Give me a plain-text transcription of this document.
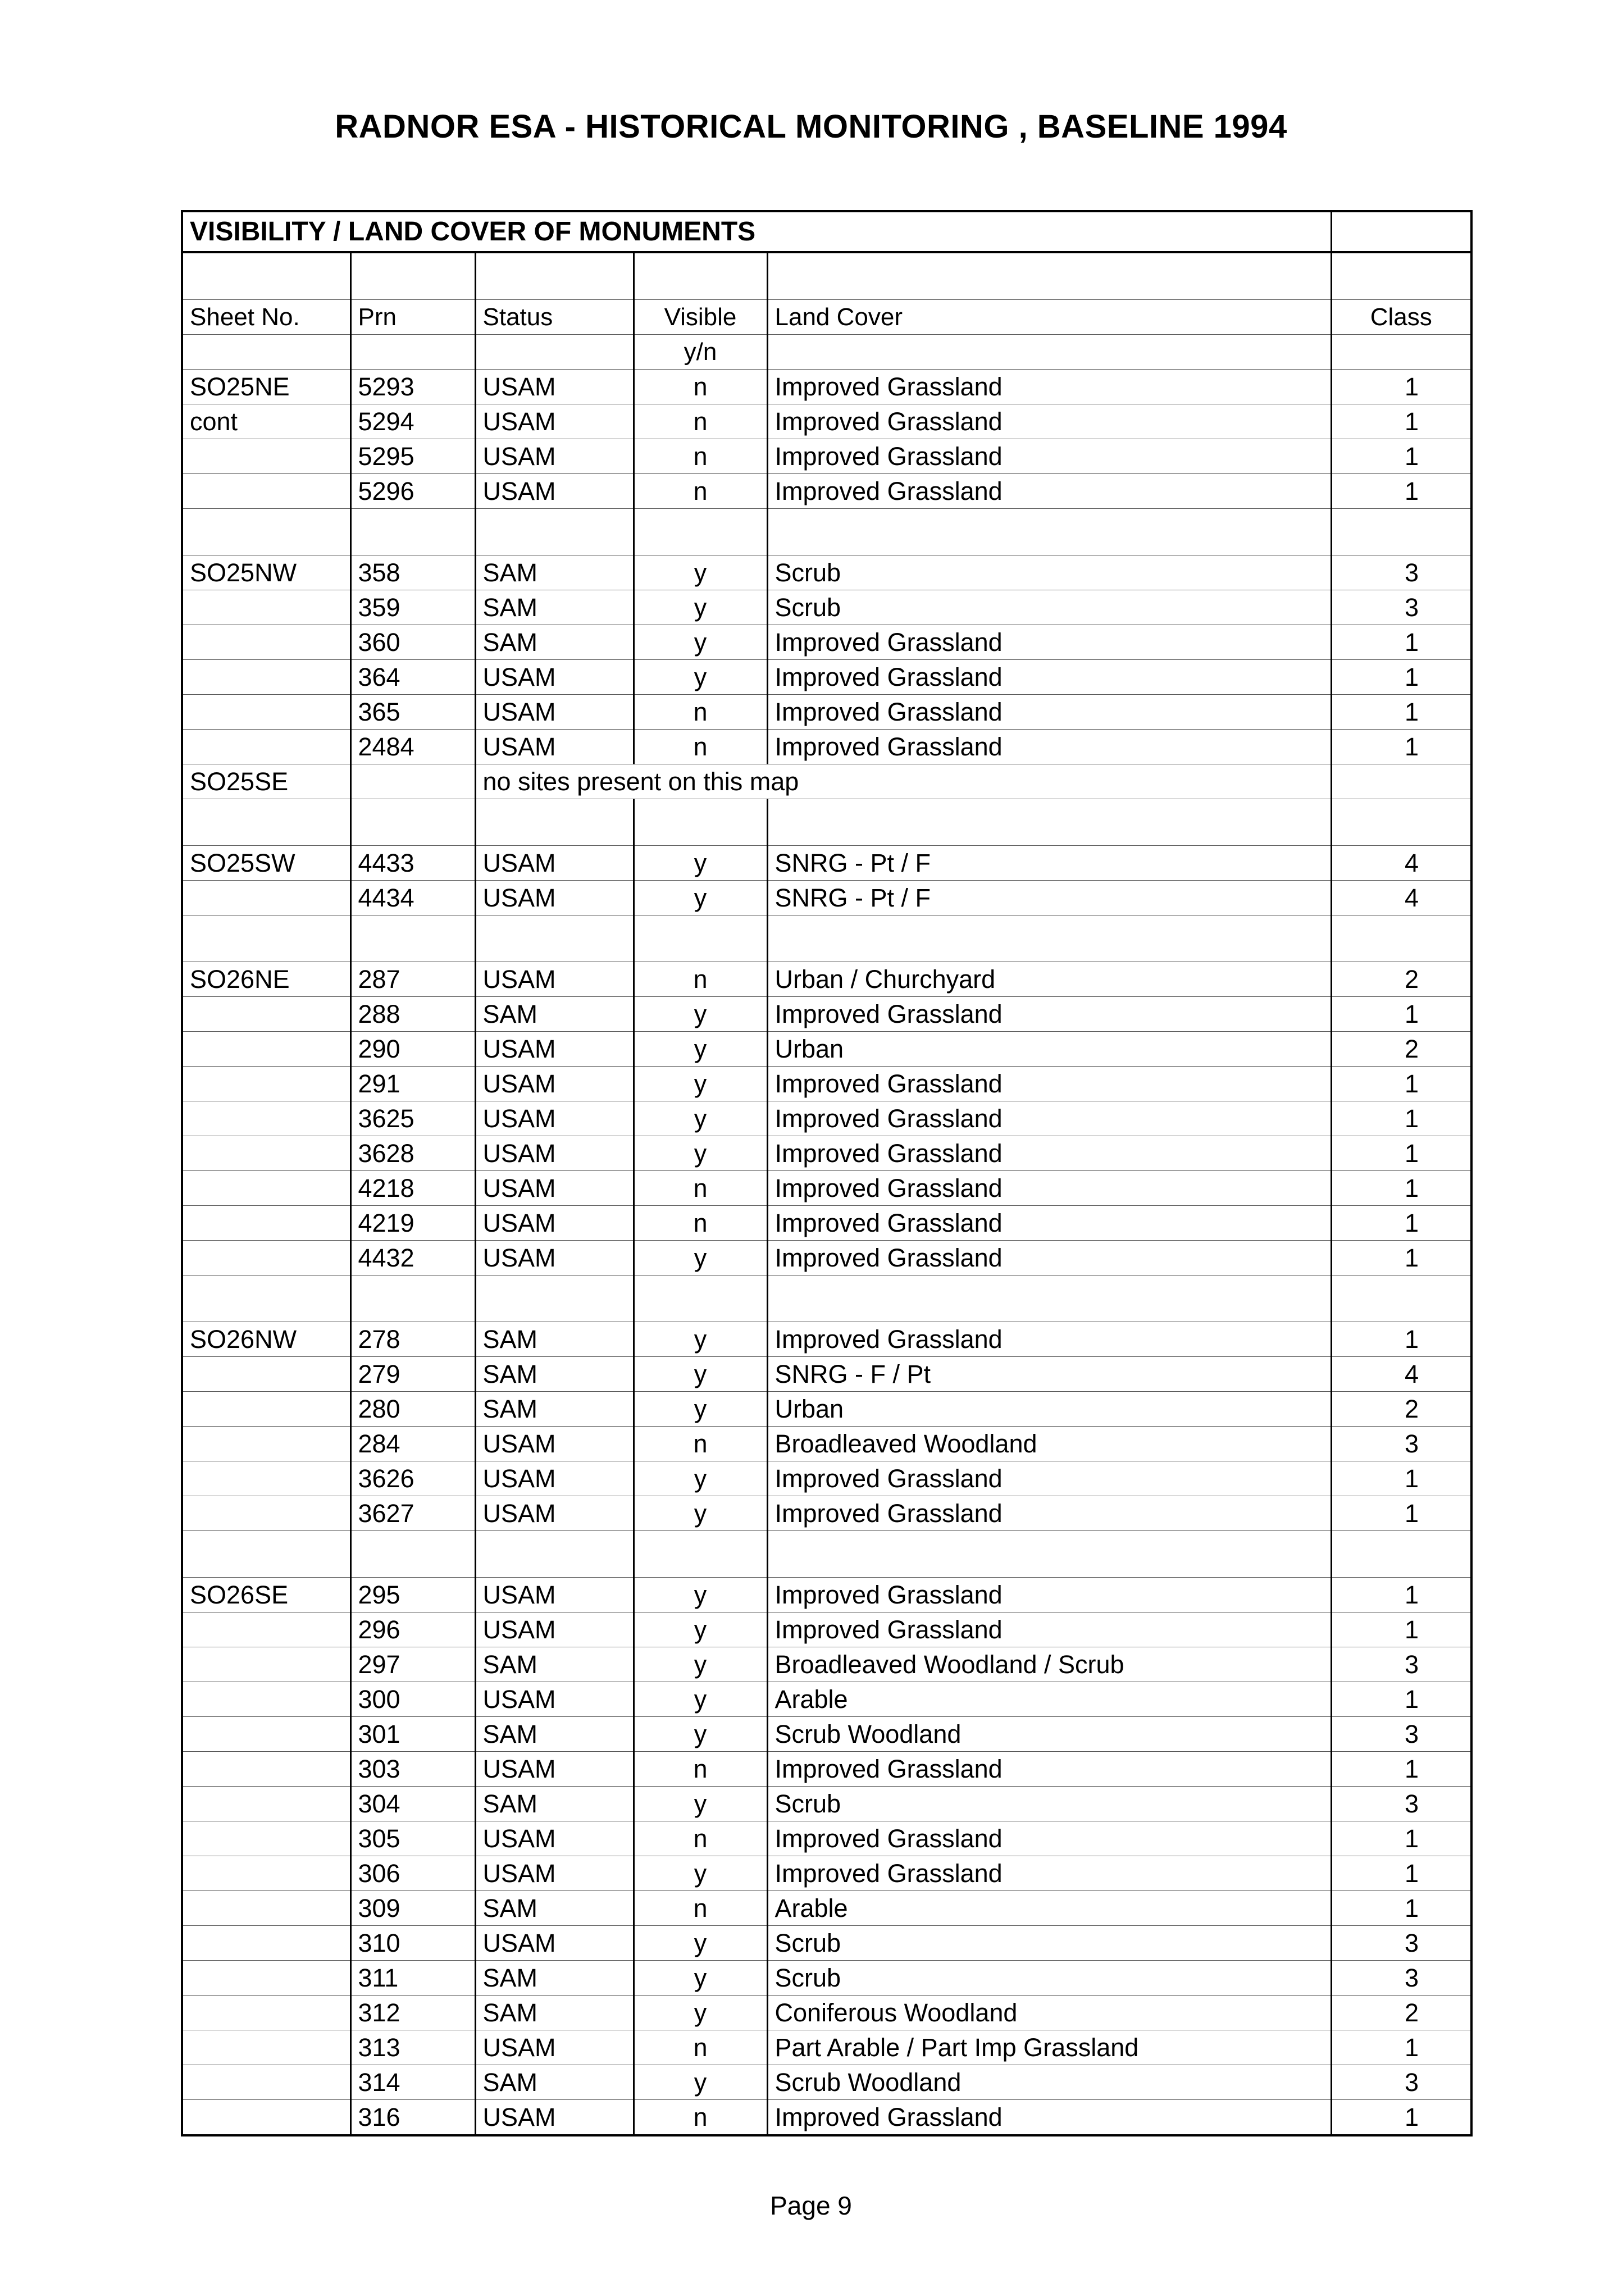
RADNOR ESA - HISTORICAL MONITORING , BASELINE 1994
VISIBILITY / LAND COVER OF MONUMENTS					

Sheet No.	Prn	Status	Visible	Land Cover	Class
			y/n		
SO25NE	5293	USAM	n	Improved Grassland	1
cont	5294	USAM	n	Improved Grassland	1
	5295	USAM	n	Improved Grassland	1
	5296	USAM	n	Improved Grassland	1

SO25NW	358	SAM	y	Scrub	3
	359	SAM	y	Scrub	3
	360	SAM	y	Improved Grassland	1
	364	USAM	y	Improved Grassland	1
	365	USAM	n	Improved Grassland	1
	2484	USAM	n	Improved Grassland	1
SO25SE		no sites present on this map			

SO25SW	4433	USAM	y	SNRG - Pt / F	4
	4434	USAM	y	SNRG - Pt / F	4

SO26NE	287	USAM	n	Urban / Churchyard	2
	288	SAM	y	Improved Grassland	1
	290	USAM	y	Urban	2
	291	USAM	y	Improved Grassland	1
	3625	USAM	y	Improved Grassland	1
	3628	USAM	y	Improved Grassland	1
	4218	USAM	n	Improved Grassland	1
	4219	USAM	n	Improved Grassland	1
	4432	USAM	y	Improved Grassland	1

SO26NW	278	SAM	y	Improved Grassland	1
	279	SAM	y	SNRG - F / Pt	4
	280	SAM	y	Urban	2
	284	USAM	n	Broadleaved Woodland	3
	3626	USAM	y	Improved Grassland	1
	3627	USAM	y	Improved Grassland	1

SO26SE	295	USAM	y	Improved Grassland	1
	296	USAM	y	Improved Grassland	1
	297	SAM	y	Broadleaved Woodland / Scrub	3
	300	USAM	y	Arable	1
	301	SAM	y	Scrub Woodland	3
	303	USAM	n	Improved Grassland	1
	304	SAM	y	Scrub	3
	305	USAM	n	Improved Grassland	1
	306	USAM	y	Improved Grassland	1
	309	SAM	n	Arable	1
	310	USAM	y	Scrub	3
	311	SAM	y	Scrub	3
	312	SAM	y	Coniferous Woodland	2
	313	USAM	n	Part Arable / Part Imp Grassland	1
	314	SAM	y	Scrub Woodland	3
	316	USAM	n	Improved Grassland	1
Page 9
